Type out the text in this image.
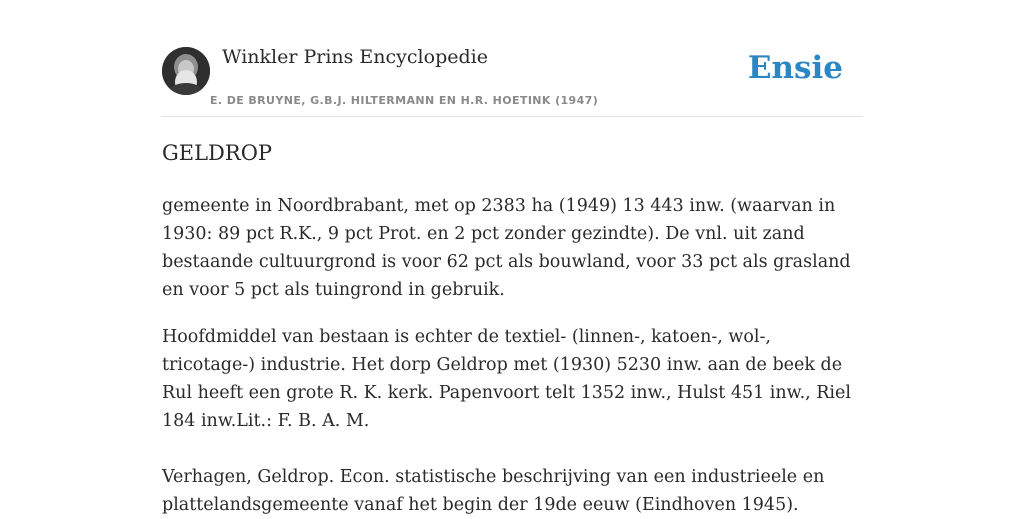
Winkler Prins Encyclopedie
E. DE BRUYNE, G.B.J. HILTERMANN EN H.R. HOETINK (1947)
Ensie
GELDROP

gemeente in Noordbrabant, met op 2383 ha (1949) 13 443 inw. (waarvan in 1930: 89 pct R.K., 9 pct Prot. en 2 pct zonder gezindte). De vnl. uit zand bestaande cultuurgrond is voor 62 pct als bouwland, voor 33 pct als grasland en voor 5 pct als tuingrond in gebruik.

Hoofdmiddel van bestaan is echter de textiel- (linnen-, katoen-, wol-, tricotage-) industrie. Het dorp Geldrop met (1930) 5230 inw. aan de beek de Rul heeft een grote R. K. kerk. Papenvoort telt 1352 inw., Hulst 451 inw., Riel 184 inw.Lit.: F. B. A. M.

Verhagen, Geldrop. Econ. statistische beschrijving van een industrieele en plattelandsgemeente vanaf het begin der 19de eeuw (Eindhoven 1945).
